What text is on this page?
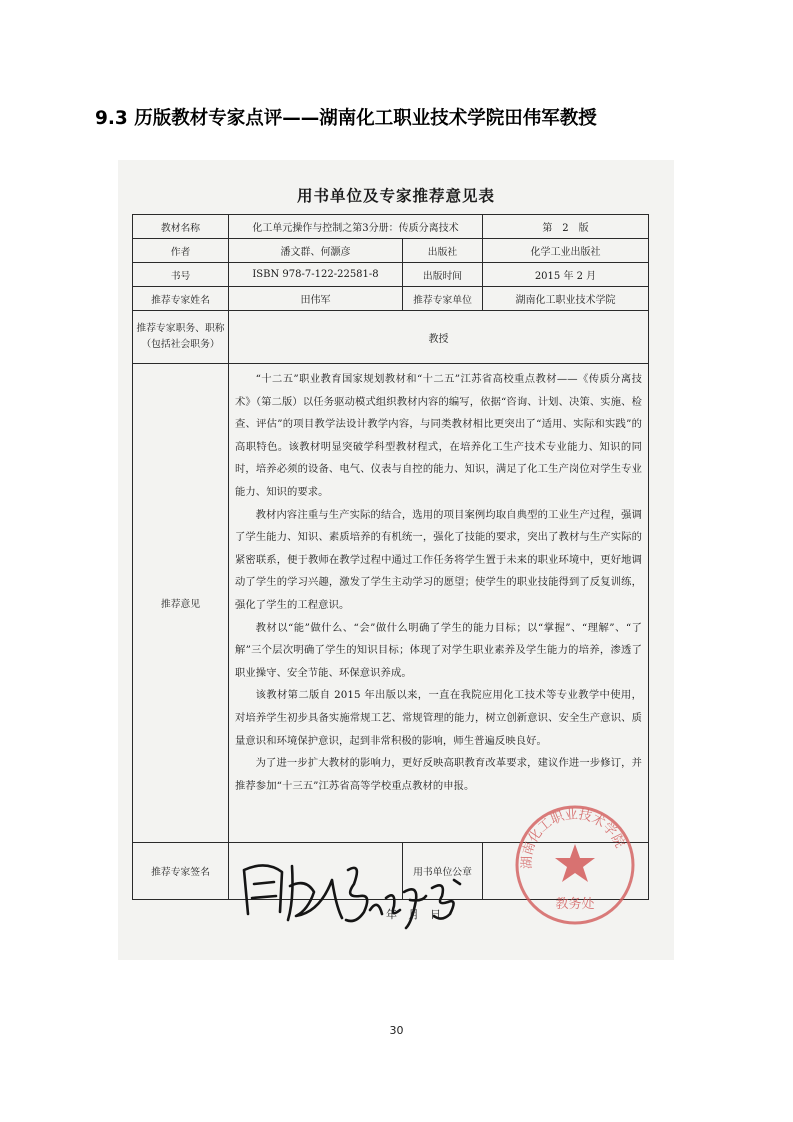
9.3 历版教材专家点评——湖南化工职业技术学院田伟军教授
用书单位及专家推荐意见表
教材名称	化工单元操作与控制之第3分册：传质分离技术		第　2　版
作者	潘文群、何灏彦	出版社	化学工业出版社
书号	ISBN 978-7-122-22581-8	出版时间	2015 年 2 月
推荐专家姓名	田伟军	推荐专家单位	湖南化工职业技术学院
推荐专家职务、职称（包括社会职务）	教授		
推荐意见	“十二五”职业教育国家规划教材和“十二五”江苏省高校重点教材——《传质分离技术》（第二版）以任务驱动模式组织教材内容的编写，依据“咨询、计划、决策、实施、检查、评估”的项目教学法设计教学内容，与同类教材相比更突出了“适用、实际和实践”的高职特色。该教材明显突破学科型教材程式，在培养化工生产技术专业能力、知识的同时，培养必须的设备、电气、仪表与自控的能力、知识，满足了化工生产岗位对学生专业能力、知识的要求。

教材内容注重与生产实际的结合，选用的项目案例均取自典型的工业生产过程，强调了学生能力、知识、素质培养的有机统一，强化了技能的要求，突出了教材与生产实际的紧密联系，便于教师在教学过程中通过工作任务将学生置于未来的职业环境中，更好地调动了学生的学习兴趣，激发了学生主动学习的愿望；使学生的职业技能得到了反复训练，强化了学生的工程意识。

教材以“能”做什么、“会”做什么明确了学生的能力目标；以“掌握”、“理解”、“了解”三个层次明确了学生的知识目标；体现了对学生职业素养及学生能力的培养，渗透了职业操守、安全节能、环保意识养成。

该教材第二版自 2015 年出版以来，一直在我院应用化工技术等专业教学中使用，对培养学生初步具备实施常规工艺、常规管理的能力，树立创新意识、安全生产意识、质量意识和环境保护意识，起到非常积极的影响，师生普遍反映良好。

为了进一步扩大教材的影响力，更好反映高职教育改革要求，建议作进一步修订，并推荐参加“十三五”江苏省高等学校重点教材的申报。		

推荐专家签名		用书单位公章	
年　月　日
湖南化工职业技术学院
教务处
30
